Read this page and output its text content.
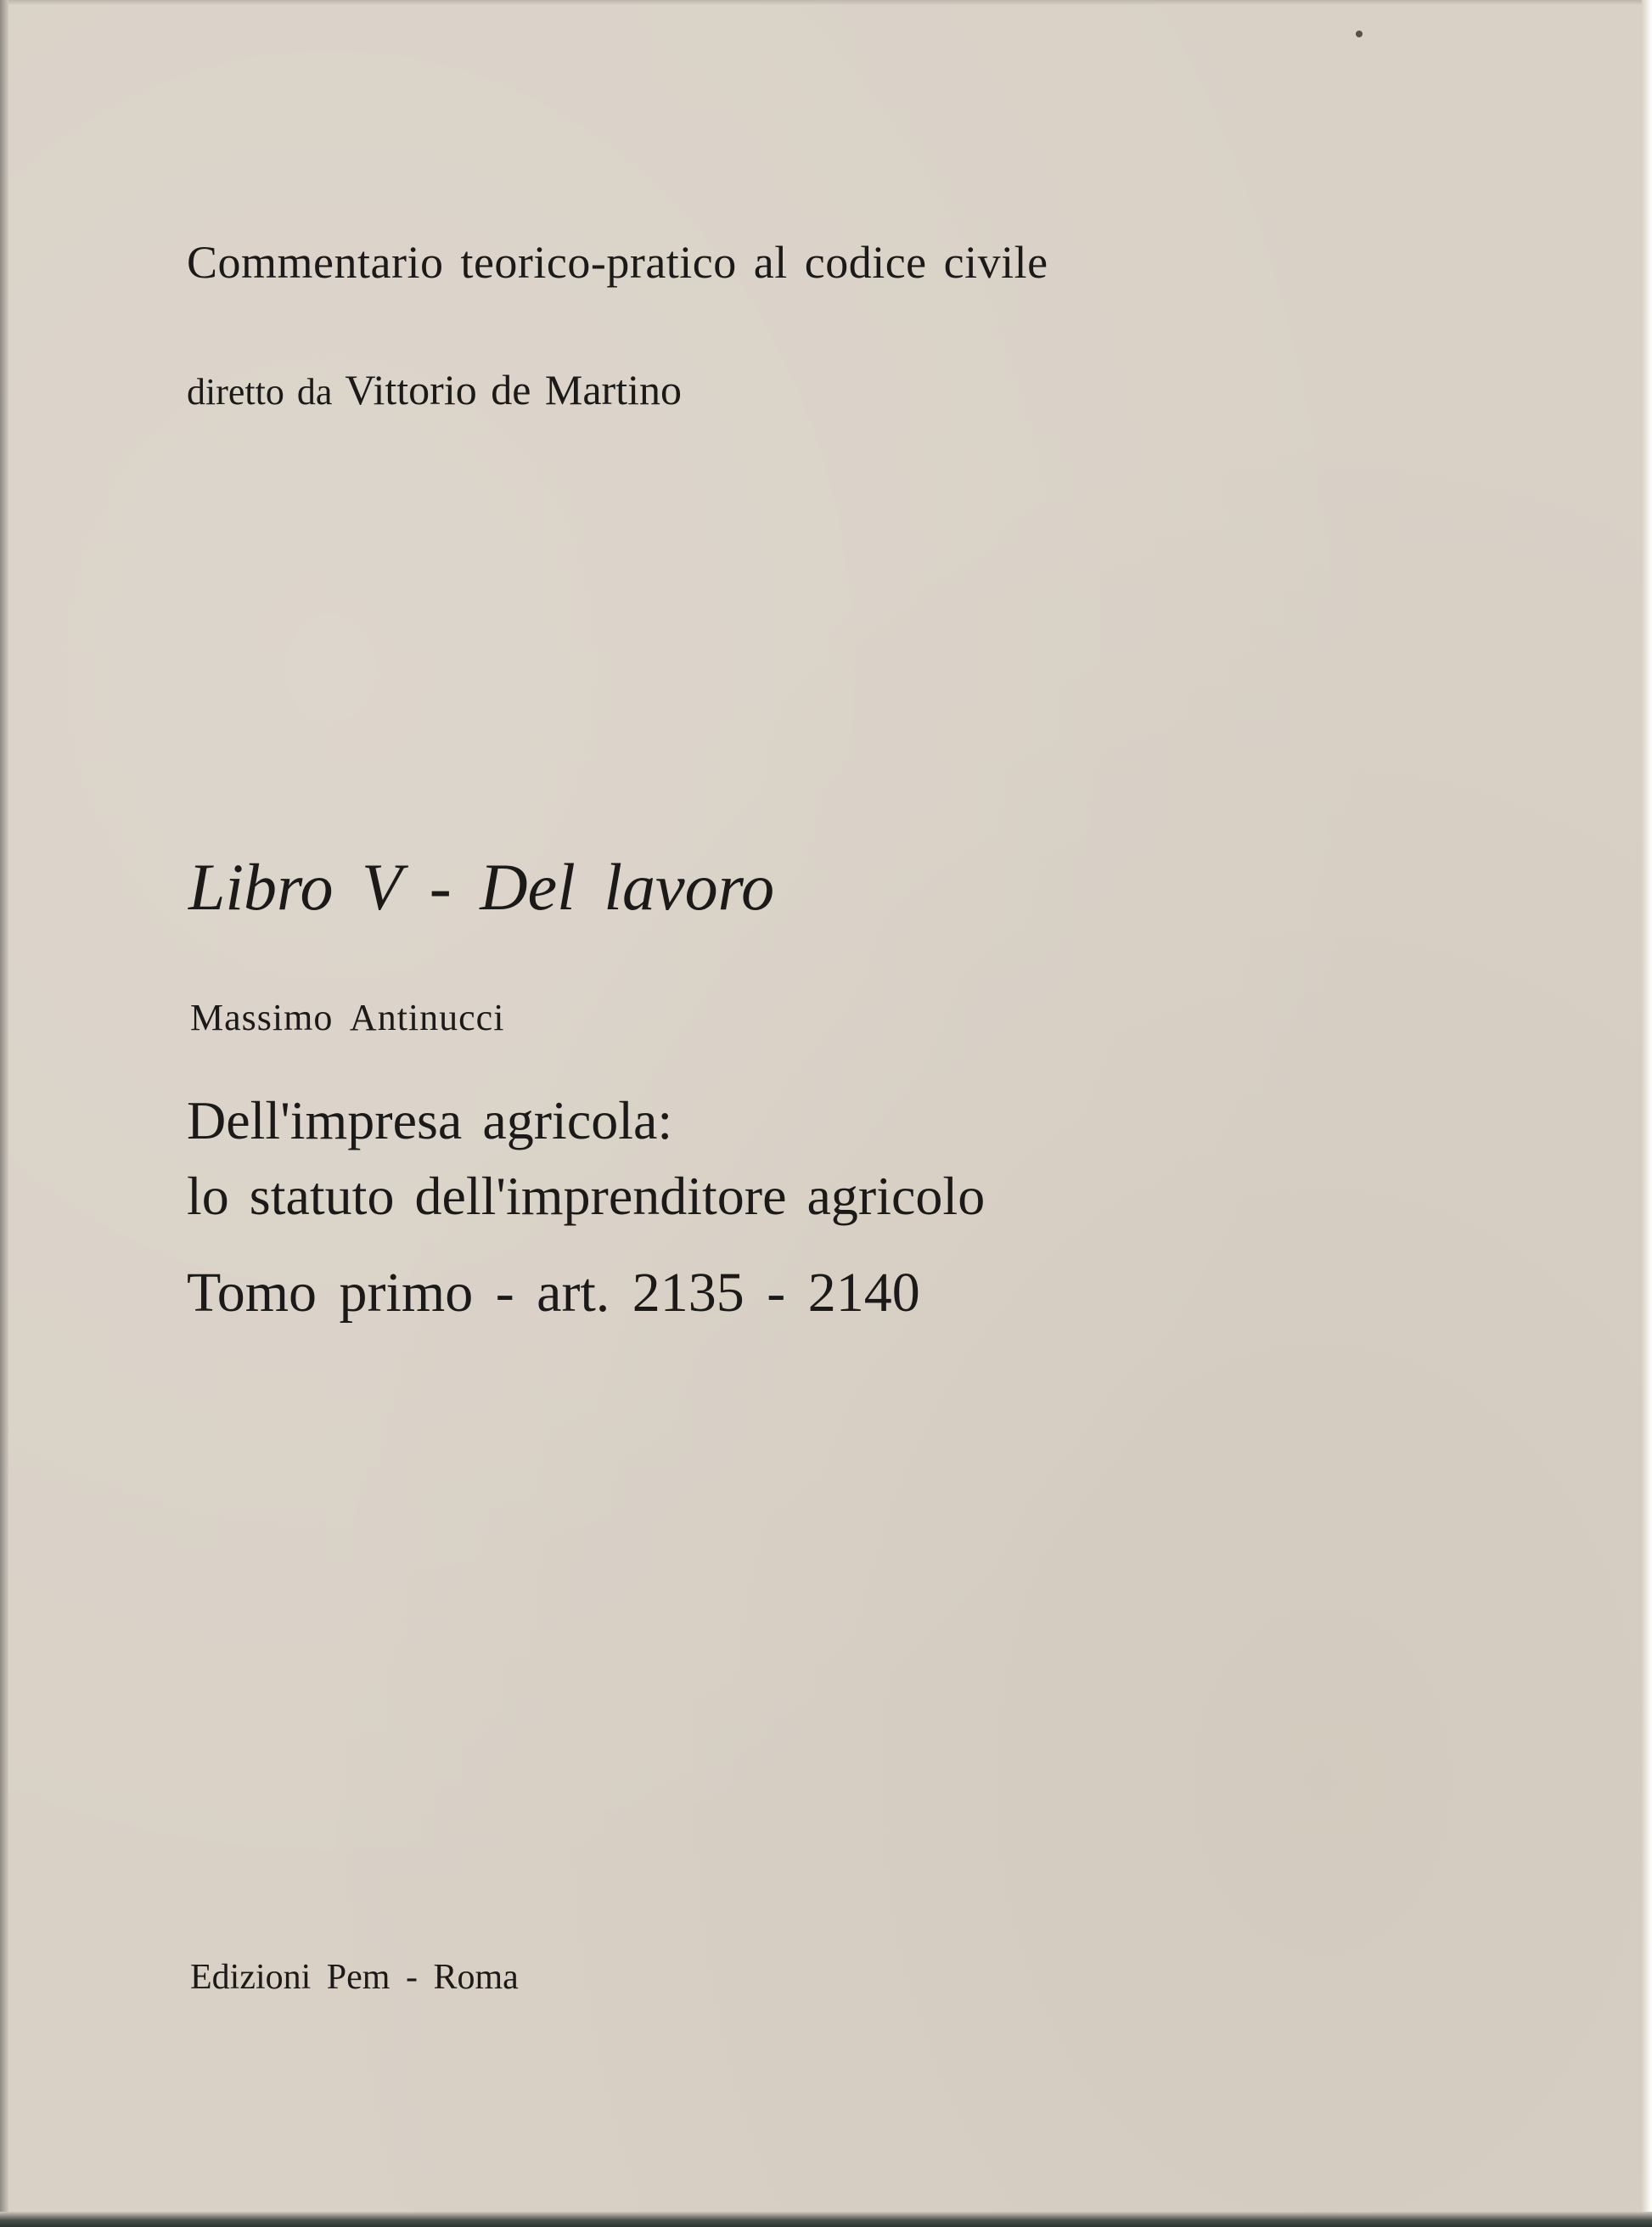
Commentario teorico-pratico al codice civile

diretto da Vittorio de Martino

Libro V - Del lavoro

Massimo Antinucci

Dell'impresa agricola:

lo statuto dell'imprenditore agricolo

Tomo primo - art. 2135 - 2140

Edizioni Pem - Roma
